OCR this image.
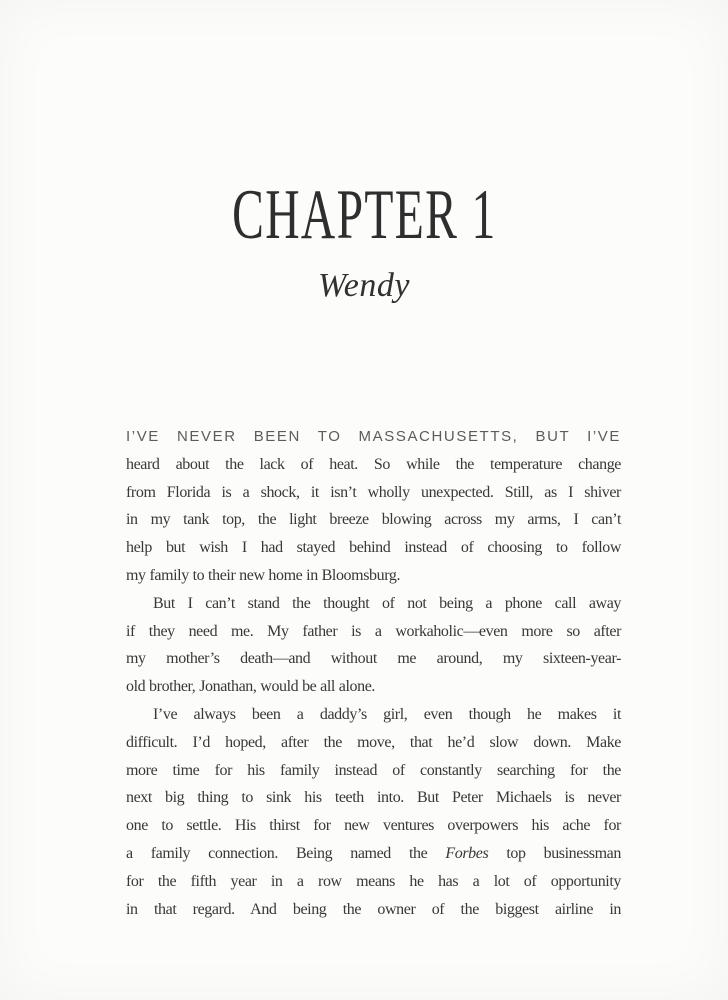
CHAPTER 1
Wendy
I’VE NEVER BEEN TO MASSACHUSETTS, BUT I’VE
heard about the lack of heat. So while the temperature change
from Florida is a shock, it isn’t wholly unexpected. Still, as I shiver
in my tank top, the light breeze blowing across my arms, I can’t
help but wish I had stayed behind instead of choosing to follow
my family to their new home in Bloomsburg.
But I can’t stand the thought of not being a phone call away
if they need me. My father is a workaholic—even more so after
my mother’s death—and without me around, my sixteen-year-
old brother, Jonathan, would be all alone.
I’ve always been a daddy’s girl, even though he makes it
difficult. I’d hoped, after the move, that he’d slow down. Make
more time for his family instead of constantly searching for the
next big thing to sink his teeth into. But Peter Michaels is never
one to settle. His thirst for new ventures overpowers his ache for
a family connection. Being named the Forbes top businessman
for the fifth year in a row means he has a lot of opportunity
in that regard. And being the owner of the biggest airline in
